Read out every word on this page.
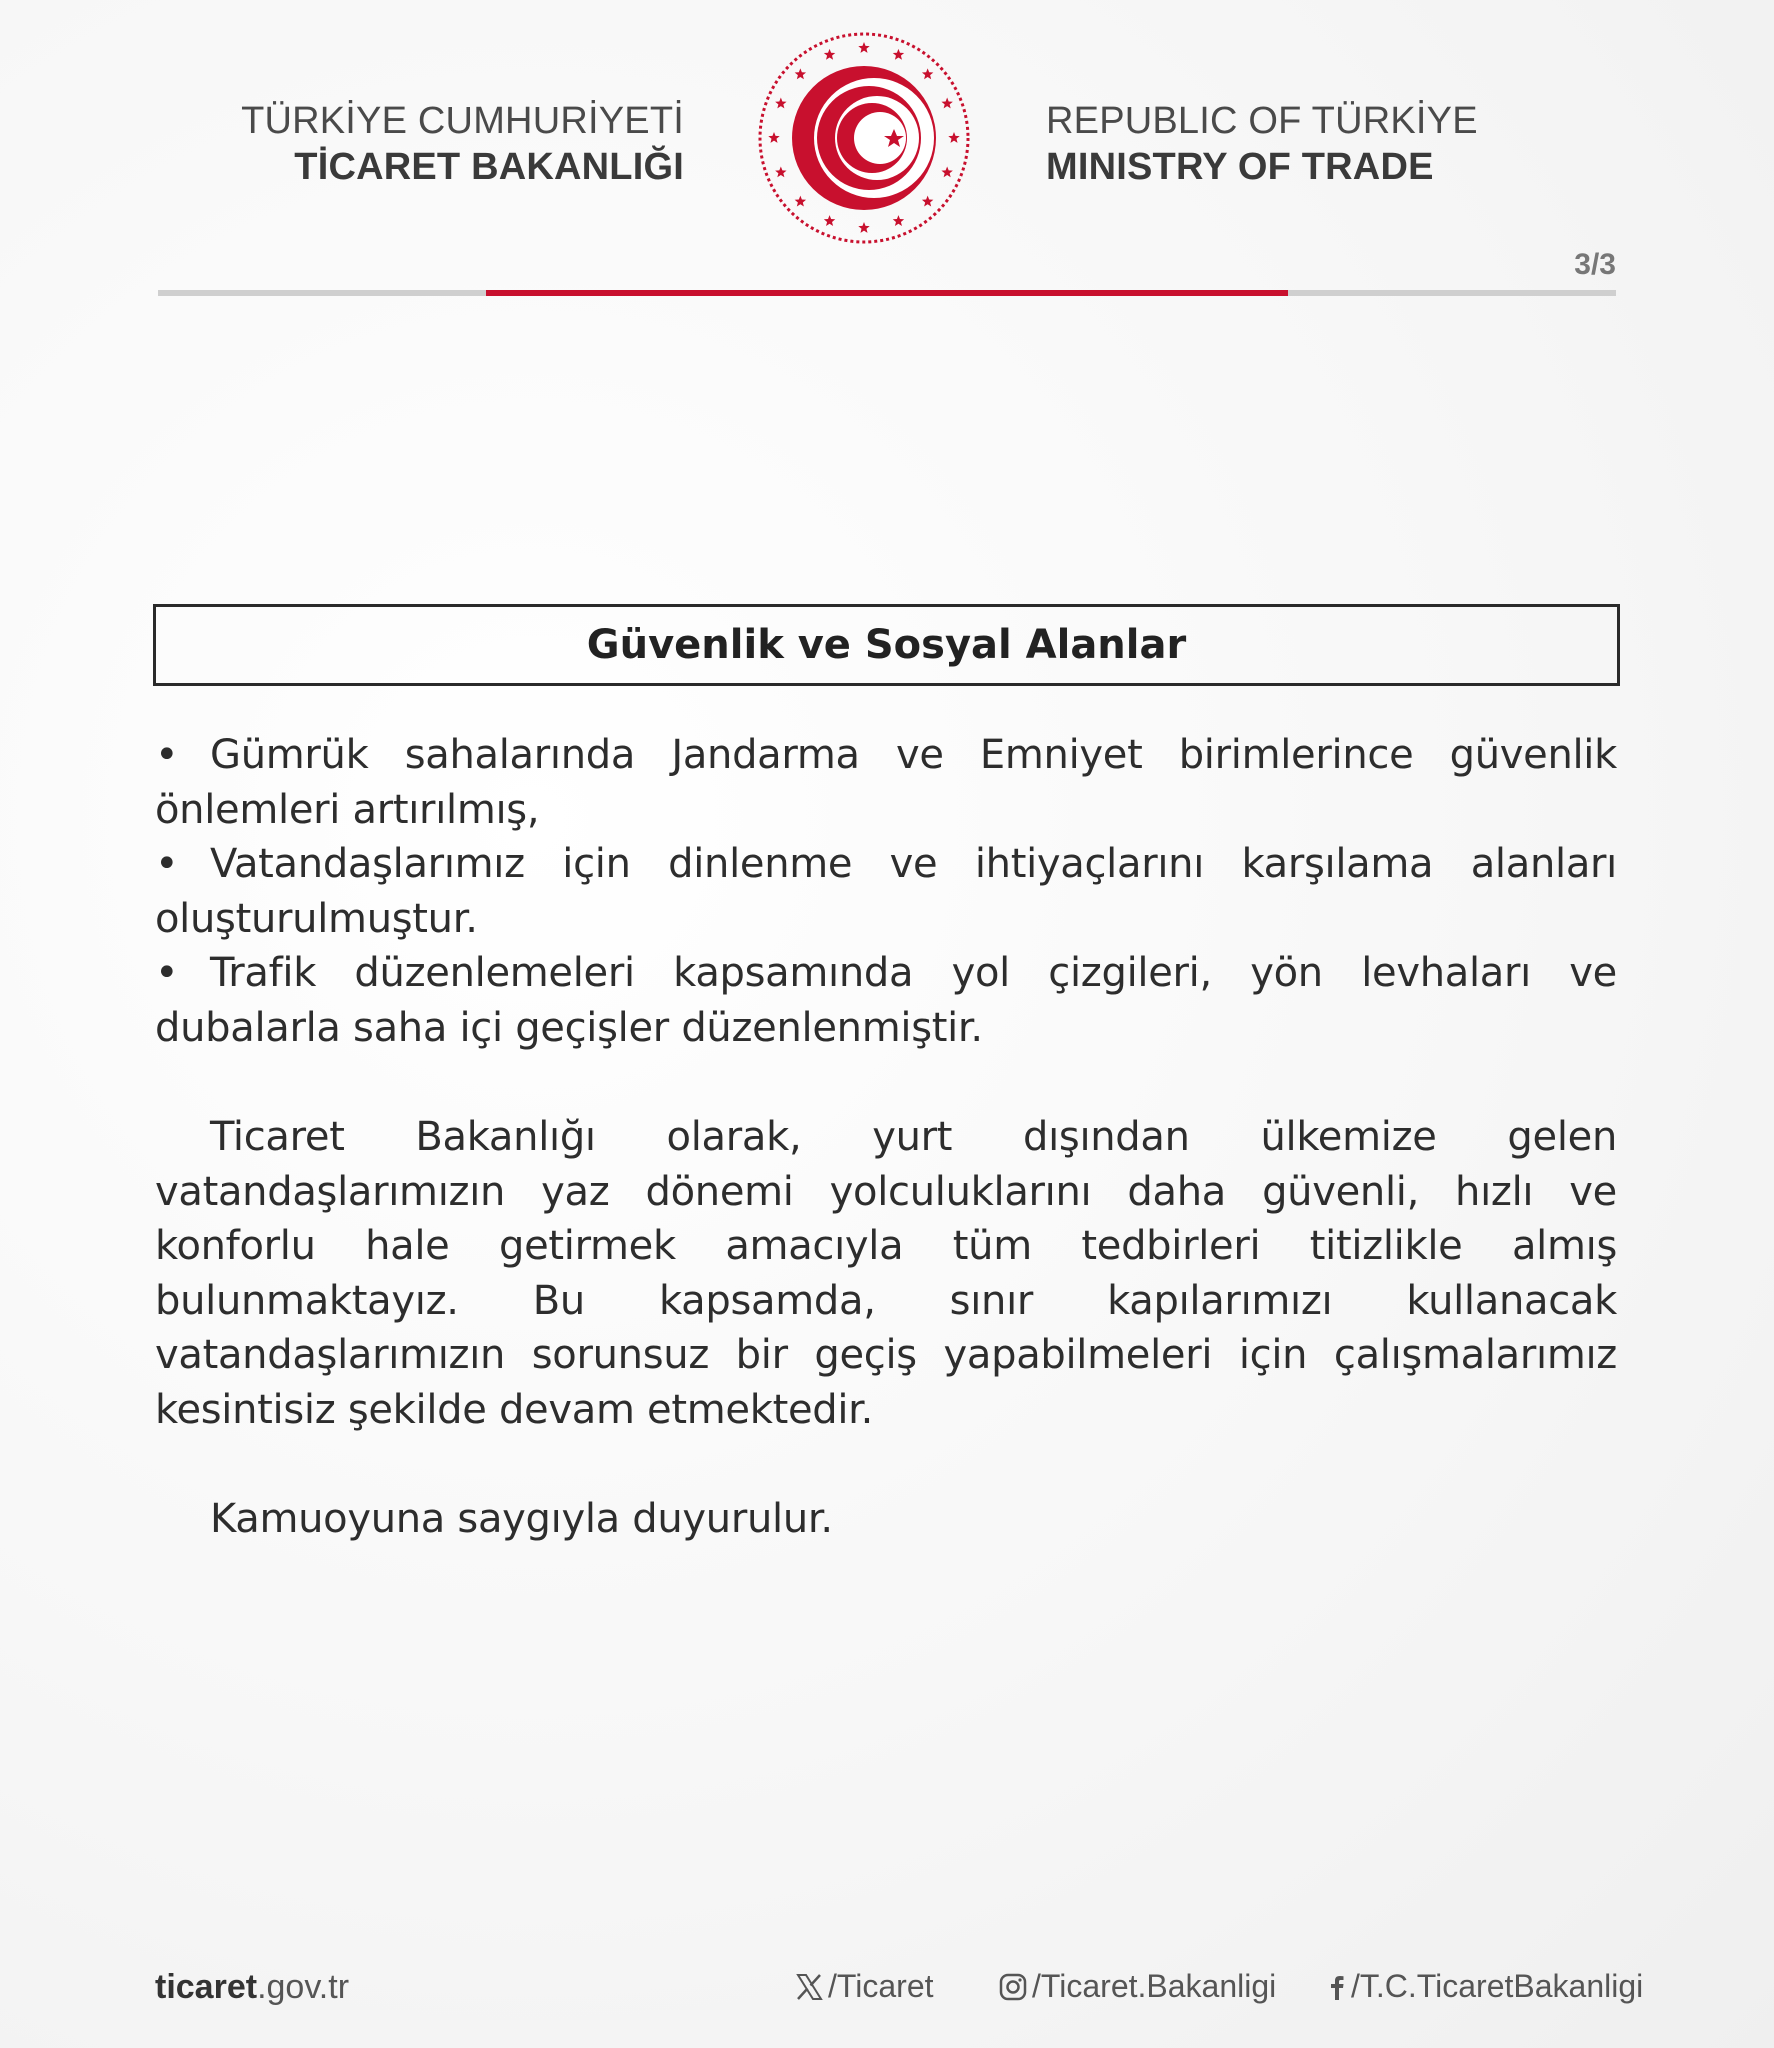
TÜRKİYE CUMHURİYETİ
TİCARET BAKANLIĞI
REPUBLIC OF TÜRKİYE
MINISTRY OF TRADE
3/3
Güvenlik ve Sosyal Alanlar

• Gümrük sahalarında Jandarma ve Emniyet birimlerince güvenlik önlemleri artırılmış,

• Vatandaşlarımız için dinlenme ve ihtiyaçlarını karşılama alanları oluşturulmuştur.

• Trafik düzenlemeleri kapsamında yol çizgileri, yön levhaları ve dubalarla saha içi geçişler düzenlenmiştir.

Ticaret Bakanlığı olarak, yurt dışından ülkemize gelen vatandaşlarımızın yaz dönemi yolculuklarını daha güvenli, hızlı ve konforlu hale getirmek amacıyla tüm tedbirleri titizlikle almış bulunmaktayız. Bu kapsamda, sınır kapılarımızı kullanacak vatandaşlarımızın sorunsuz bir geçiş yapabilmeleri için çalışmalarımız kesintisiz şekilde devam etmektedir.

Kamuoyuna saygıyla duyurulur.

ticaret.gov.tr	/Ticaret	/Ticaret.Bakanligi /T.C.TicaretBakanligi
